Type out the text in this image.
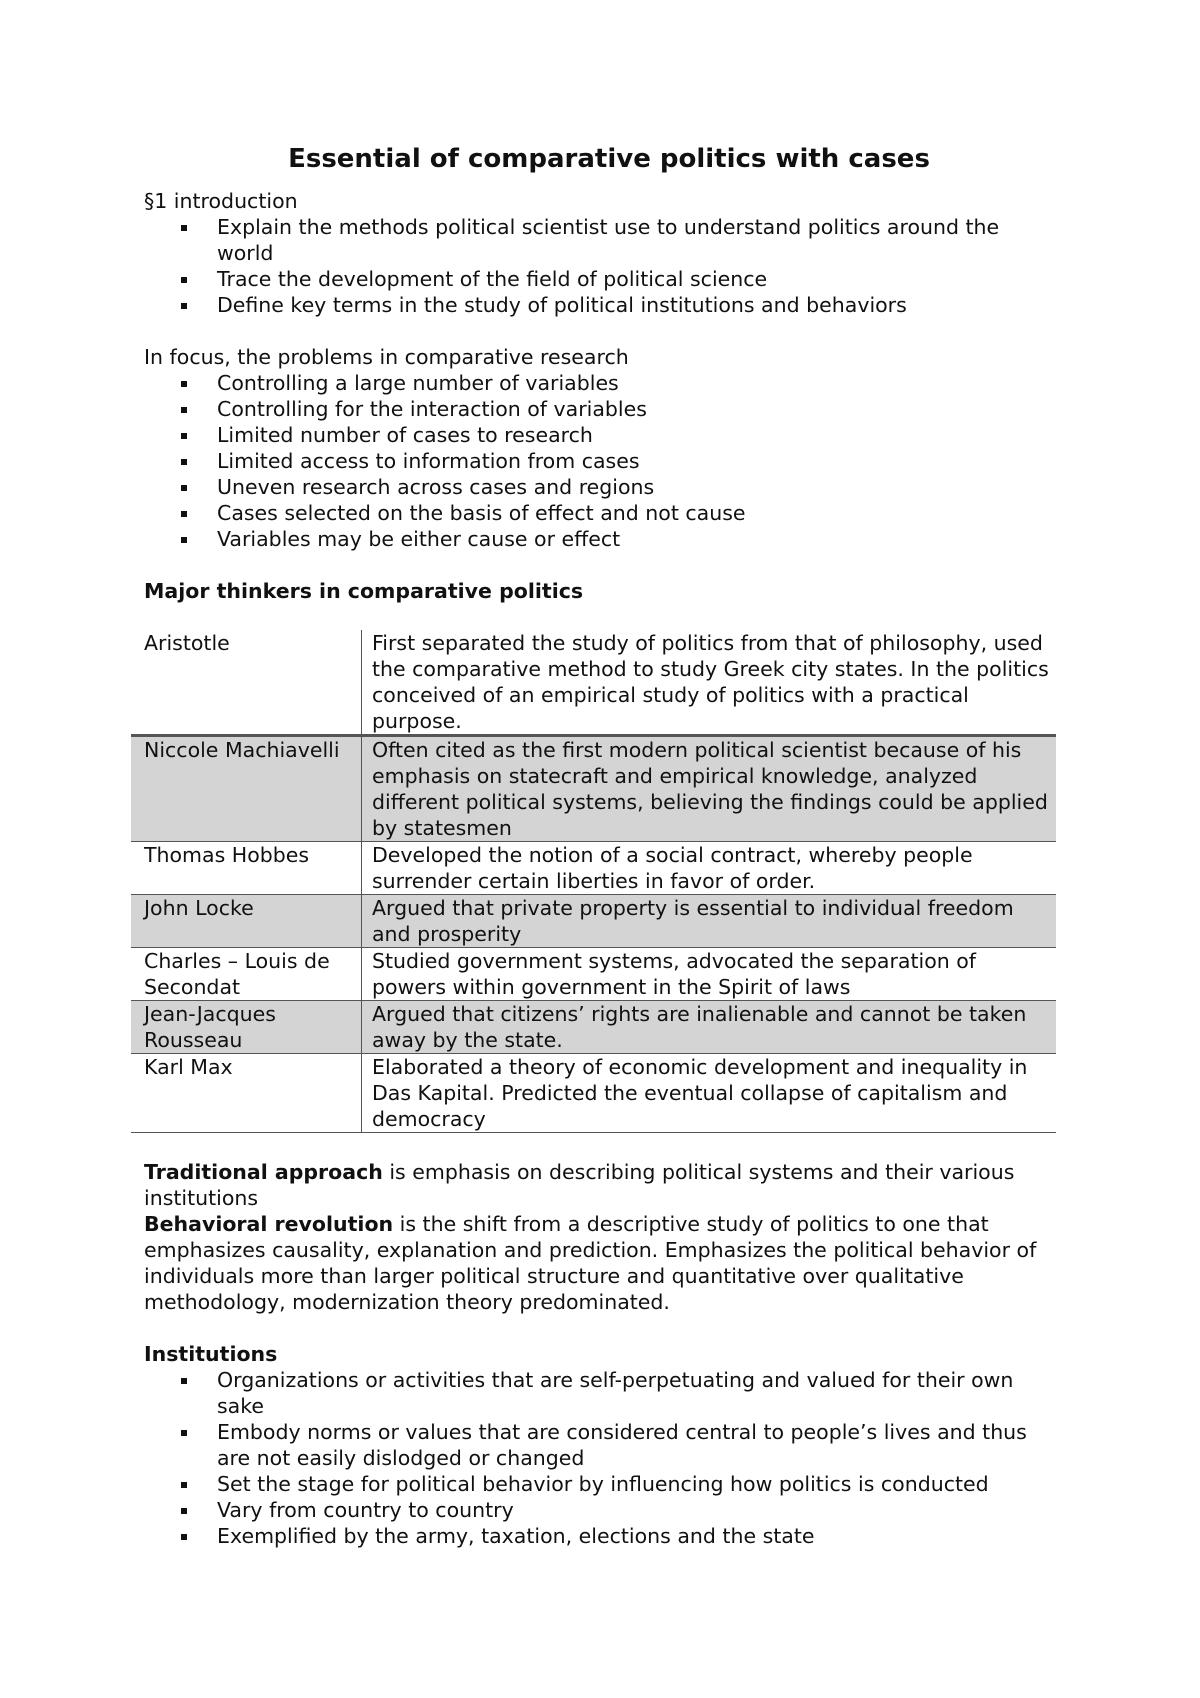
Essential of comparative politics with cases

§1 introduction

Explain the methods political scientist use to understand politics around the world
Trace the development of the field of political science
Define key terms in the study of political institutions and behaviors

In focus, the problems in comparative research

Controlling a large number of variables
Controlling for the interaction of variables
Limited number of cases to research
Limited access to information from cases
Uneven research across cases and regions
Cases selected on the basis of effect and not cause
Variables may be either cause or effect

Major thinkers in comparative politics

Aristotle	First separated the study of politics from that of philosophy, used the comparative method to study Greek city states. In the politics conceived of an empirical study of politics with a practical purpose.
Niccole Machiavelli	Often cited as the first modern political scientist because of his emphasis on statecraft and empirical knowledge, analyzed different political systems, believing the findings could be applied by statesmen
Thomas Hobbes	Developed the notion of a social contract, whereby people surrender certain liberties in favor of order.
John Locke	Argued that private property is essential to individual freedom and prosperity
Charles – Louis de Secondat	Studied government systems, advocated the separation of powers within government in the Spirit of laws
Jean-Jacques Rousseau	Argued that citizens’ rights are inalienable and cannot be taken away by the state.
Karl Max	Elaborated a theory of economic development and inequality in Das Kapital. Predicted the eventual collapse of capitalism and democracy

Traditional approach is emphasis on describing political systems and their various institutions

Behavioral revolution is the shift from a descriptive study of politics to one that emphasizes causality, explanation and prediction. Emphasizes the political behavior of individuals more than larger political structure and quantitative over qualitative methodology, modernization theory predominated.

Institutions

Organizations or activities that are self-perpetuating and valued for their own sake
Embody norms or values that are considered central to people’s lives and thus are not easily dislodged or changed
Set the stage for political behavior by influencing how politics is conducted
Vary from country to country
Exemplified by the army, taxation, elections and the state
